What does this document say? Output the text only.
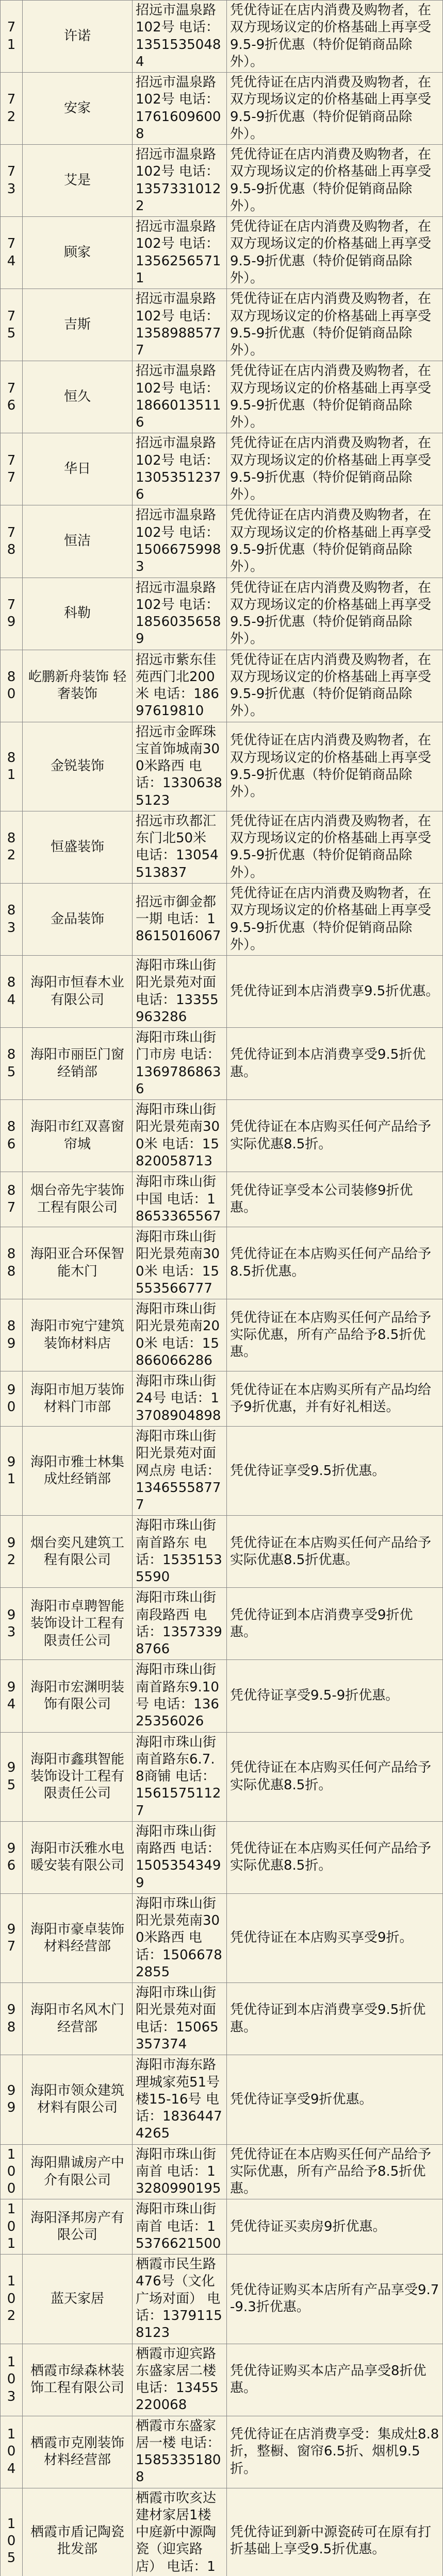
71	许诺	招远市温泉路102号 电话：13515350484	凭优待证在店内消费及购物者，在双方现场议定的价格基础上再享受9.5-9折优惠（特价促销商品除外）。
72	安家	招远市温泉路102号 电话：17616096008	凭优待证在店内消费及购物者，在双方现场议定的价格基础上再享受9.5-9折优惠（特价促销商品除外）。
73	艾是	招远市温泉路102号 电话：13573310122	凭优待证在店内消费及购物者，在双方现场议定的价格基础上再享受9.5-9折优惠（特价促销商品除外）。
74	顾家	招远市温泉路102号 电话：13562565711	凭优待证在店内消费及购物者，在双方现场议定的价格基础上再享受9.5-9折优惠（特价促销商品除外）。
75	吉斯	招远市温泉路102号 电话：13589885777	凭优待证在店内消费及购物者，在双方现场议定的价格基础上再享受9.5-9折优惠（特价促销商品除外）。
76	恒久	招远市温泉路102号 电话：18660135116	凭优待证在店内消费及购物者，在双方现场议定的价格基础上再享受9.5-9折优惠（特价促销商品除外）。
77	华日	招远市温泉路102号 电话：13053512376	凭优待证在店内消费及购物者，在双方现场议定的价格基础上再享受9.5-9折优惠（特价促销商品除外）。
78	恒洁	招远市温泉路102号 电话：15066759983	凭优待证在店内消费及购物者，在双方现场议定的价格基础上再享受9.5-9折优惠（特价促销商品除外）。
79	科勒	招远市温泉路102号 电话：18560356589	凭优待证在店内消费及购物者，在双方现场议定的价格基础上再享受9.5-9折优惠（特价促销商品除外）。
80	屹鹏新舟装饰 轻奢装饰	招远市紫东佳苑西门北200米 电话：18697619810	凭优待证在店内消费及购物者，在双方现场议定的价格基础上再享受9.5-9折优惠（特价促销商品除外）。
81	金锐装饰	招远市金晖珠宝首饰城南300米路西 电话：13306385123	凭优待证在店内消费及购物者，在双方现场议定的价格基础上再享受9.5-9折优惠（特价促销商品除外）。
82	恒盛装饰	招远市玖都汇东门北50米 电话：13054513837	凭优待证在店内消费及购物者，在双方现场议定的价格基础上再享受9.5-9折优惠（特价促销商品除外）。
83	金品装饰	招远市御金都一期 电话：18615016067	凭优待证在店内消费及购物者，在双方现场议定的价格基础上再享受9.5-9折优惠（特价促销商品除外）。
84	海阳市恒春木业有限公司	海阳市珠山街阳光景苑对面 电话：13355963286	凭优待证到本店消费享9.5折优惠。
85	海阳市丽臣门窗经销部	海阳市珠山街门市房 电话：13697868636	凭优待证到本店消费享受9.5折优惠。
86	海阳市红双喜窗帘城	海阳市珠山街阳光景苑南300米 电话：15820058713	凭优待证在本店购买任何产品给予实际优惠8.5折。
87	烟台帝先宇装饰工程有限公司	海阳市珠山街中国 电话：18653365567	凭优待证享受本公司装修9折优惠。
88	海阳亚合环保智能木门	海阳市珠山街阳光景苑南300米 电话：15553566777	凭优待证在本店购买任何产品给予8.5折优惠。
89	海阳市宛宁建筑装饰材料店	海阳市珠山街阳光景苑南200米 电话：15866066286	凭优待证在本店购买任何产品给予实际优惠，所有产品给予8.5折优惠。
90	海阳市旭万装饰材料门市部	海阳市珠山街24号 电话：13708904898	凭优待证在本店购买所有产品均给予9折优惠，并有好礼相送。
91	海阳市雅士林集成灶经销部	海阳市珠山街阳光景苑对面网点房 电话：13465558777	凭优待证享受9.5折优惠。
92	烟台奕凡建筑工程有限公司	海阳市珠山街南首路东 电话：15351535590	凭优待证在本店购买任何产品给予实际优惠8.5折优惠。
93	海阳市卓聘智能装饰设计工程有限责任公司	海阳市珠山街南段路西 电话：13573398766	凭优待证到本店消费享受9折优惠。
94	海阳市宏渊明装饰有限公司	海阳市珠山街南首路东9.10号 电话：13625356026	凭优待证享受9.5-9折优惠。
95	海阳市鑫琪智能装饰设计工程有限责任公司	海阳市珠山街南首路东6.7.8商铺 电话：15615751127	凭优待证在本店购买任何产品给予实际优惠8.5折。
96	海阳市沃雅水电暖安装有限公司	海阳市珠山街南路西 电话：15053543499	凭优待证在本店购买任何产品给予实际优惠8.5折。
97	海阳市豪卓装饰材料经营部	海阳市珠山街阳光景苑南300米路西 电话：15066782855	凭优待证在本店购买享受9折。
98	海阳市名风木门经营部	海阳市珠山街阳光景苑对面 电话：15065357374	凭优待证到本店消费享受9.5折优惠。
99	海阳市领众建筑材料有限公司	海阳市海东路理城家苑51号楼15-16号 电话：18364474265	凭优待证享受9折优惠。
100	海阳鼎诚房产中介有限公司	海阳市珠山街南首 电话：13280990195	凭优待证在本店购买任何产品给予实际优惠，所有产品给予8.5折优惠。
101	海阳泽邦房产有限公司	海阳市珠山街南首 电话：15376621500	凭优待证买卖房9折优惠。
102	蓝天家居	栖霞市民生路476号（文化广场对面） 电话：13791158123	凭优待证购买本店所有产品享受9.7-9.3折优惠。
103	栖霞市绿森林装饰工程有限公司	栖霞市迎宾路东盛家居二楼 电话：13455220068	凭优待证购买本店产品享受8折优惠。
104	栖霞市克刚装饰材料经营部	栖霞市东盛家居一楼 电话：15853351808	凭优待证在店消费享受：集成灶8.8折，整橱、窗帘6.5折、烟机9.5折。
105	栖霞市盾记陶瓷批发部	栖霞市吹亥达建材家居1楼中庭新中源陶瓷（迎宾路店） 电话：1	凭优待证到新中源瓷砖可在原有打折基础上享受9.5折优惠。
